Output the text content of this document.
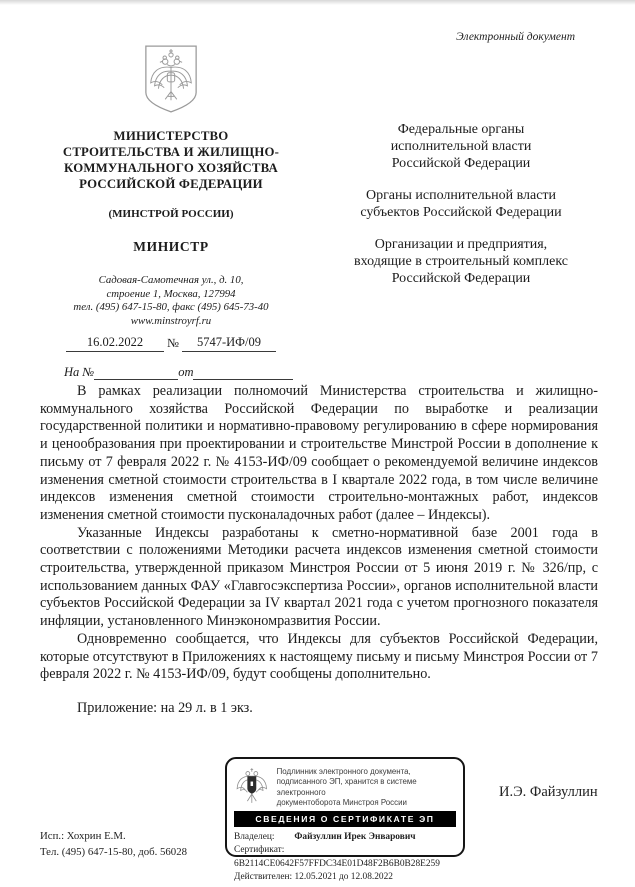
Электронный документ
МИНИСТЕРСТВО
СТРОИТЕЛЬСТВА И ЖИЛИЩНО-
КОММУНАЛЬНОГО ХОЗЯЙСТВА
РОССИЙСКОЙ ФЕДЕРАЦИИ
(МИНСТРОЙ РОССИИ)
МИНИСТР
Садовая-Самотечная ул., д. 10,
строение 1, Москва, 127994
тел. (495) 647-15-80, факс (495) 645-73-40
www.minstroyrf.ru
16.02.2022	№	5747-ИФ/09
На №	от
Федеральные органы
исполнительной власти
Российской Федерации
Органы исполнительной власти
субъектов Российской Федерации
Организации и предприятия,
входящие в строительный комплекс
Российской Федерации

В рамках реализации полномочий Министерства строительства и жилищно-коммунального хозяйства Российской Федерации по выработке и реализации государственной политики и нормативно-правовому регулированию в сфере нормирования и ценообразования при проектировании и строительстве Минстрой России в дополнение к письму от 7 февраля 2022 г. № 4153-ИФ/09 сообщает о рекомендуемой величине индексов изменения сметной стоимости строительства в I квартале 2022 года, в том числе величине индексов изменения сметной стоимости строительно-монтажных работ, индексов изменения сметной стоимости пусконаладочных работ (далее – Индексы).

Указанные Индексы разработаны к сметно-нормативной базе 2001 года в соответствии с положениями Методики расчета индексов изменения сметной стоимости строительства, утвержденной приказом Минстроя России от 5 июня 2019 г. № 326/пр, с использованием данных ФАУ «Главгосэкспертиза России», органов исполнительной власти субъектов Российской Федерации за IV квартал 2021 года с учетом прогнозного показателя инфляции, установленного Минэкономразвития России.

Одновременно сообщается, что Индексы для субъектов Российской Федерации, которые отсутствуют в Приложениях к настоящему письму и письму Минстроя России от 7 февраля 2022 г. № 4153-ИФ/09, будут сообщены дополнительно.

Приложение: на 29 л. в 1 экз.
Подлинник электронного документа,
подписанного ЭП, хранится в системе электронного
документоборота Минстроя России
СВЕДЕНИЯ О СЕРТИФИКАТЕ ЭП
Владелец: Файзуллин Ирек Энварович
Сертификат: 6B2114CE0642F57FFDC34E01D48F2B6B0B28E259
Действителен: 12.05.2021 до 12.08.2022
И.Э. Файзуллин
Исп.: Хохрин Е.М.
Тел. (495) 647-15-80, доб. 56028
